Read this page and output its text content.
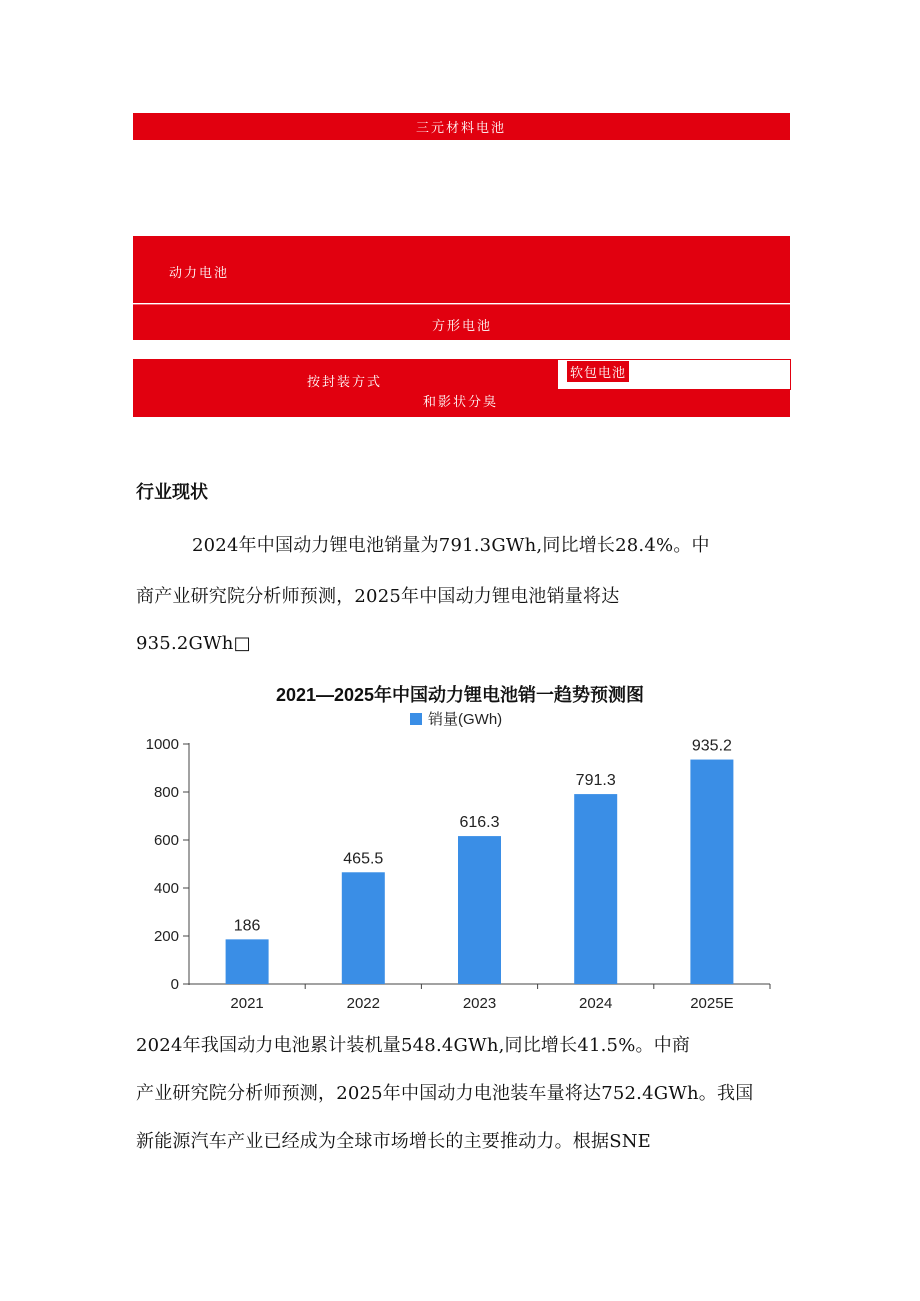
三元材料电池
动力电池
方形电池
按封装方式
和影状分臭
软包电池
行业现状
2024年中国动力锂电池销量为791.3GWh,同比增长28.4%。中
商产业研究院分析师预测，2025年中国动力锂电池销量将达
935.2GWh□
2021—2025年中国动力锂电池销一趋势预测图
销量(GWh)
0
200
400
600
800
1000
186
2021
465.5
2022
616.3
2023
791.3
2024
935.2
2025E
2024年我国动力电池累计装机量548.4GWh,同比增长41.5%。中商
产业研究院分析师预测，2025年中国动力电池装车量将达752.4GWh。我国
新能源汽车产业已经成为全球市场增长的主要推动力。根据SNE
